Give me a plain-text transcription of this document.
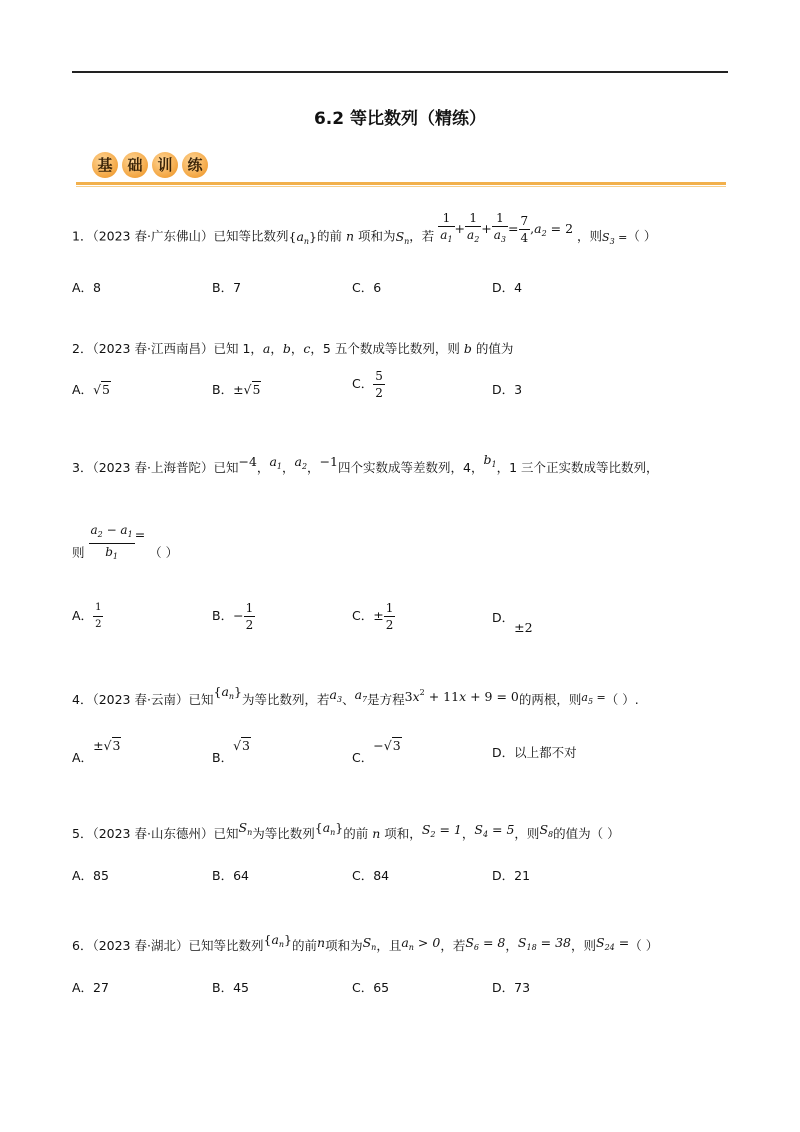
6.2 等比数列（精练）
基 础 训 练
1．（2023 春·广东佛山）已知等比数列$\{a_n\}$的前 n 项和为$S_n$，若 $\frac{1}{a_1} + \frac{1}{a_2} + \frac{1}{a_3} = \frac{7}{4} ,a_2 = 2$ ，则$S_3$ =（ ）
A．8	B．7	C．6	D．4
2．（2023 春·江西南昌）已知 1，a，b，c，5 五个数成等比数列，则 b 的值为
A．√5	B．±√5	C． $\frac{5}{2}$	D．3
3．（2023 春·上海普陀）已知−4，$a_1$，$a_2$，−1四个实数成等差数列，4，$b_1$，1 三个正实数成等比数列，
则 $\frac{a_2 - a_1}{b_1}$ = （ ）
A． $\frac{1}{2}$	B．− $\frac{1}{2}$	C．± $\frac{1}{2}$	D．±2
4．（2023 春·云南）已知$\{a_n\}$为等比数列，若$a_3$、$a_7$是方程$3x^2 + 11x + 9 = 0$的两根，则$a_5$ =（ ）.
A．±√3
B．√3
C．−√3	D．以上都不对
5．（2023 春·山东德州）已知$S_n$为等比数列$\{a_n\}$的前 n 项和，$S_2 = 1$，$S_4 = 5$，则$S_8$的值为（ ）
A．85	B．64	C．84	D．21
6．（2023 春·湖北）已知等比数列$\{a_n\}$的前n项和为$S_n$，且$a_n > 0$，若$S_6 = 8$，$S_{18} = 38$，则$S_{24}$ =（ ）
A．27	B．45	C．65	D．73
